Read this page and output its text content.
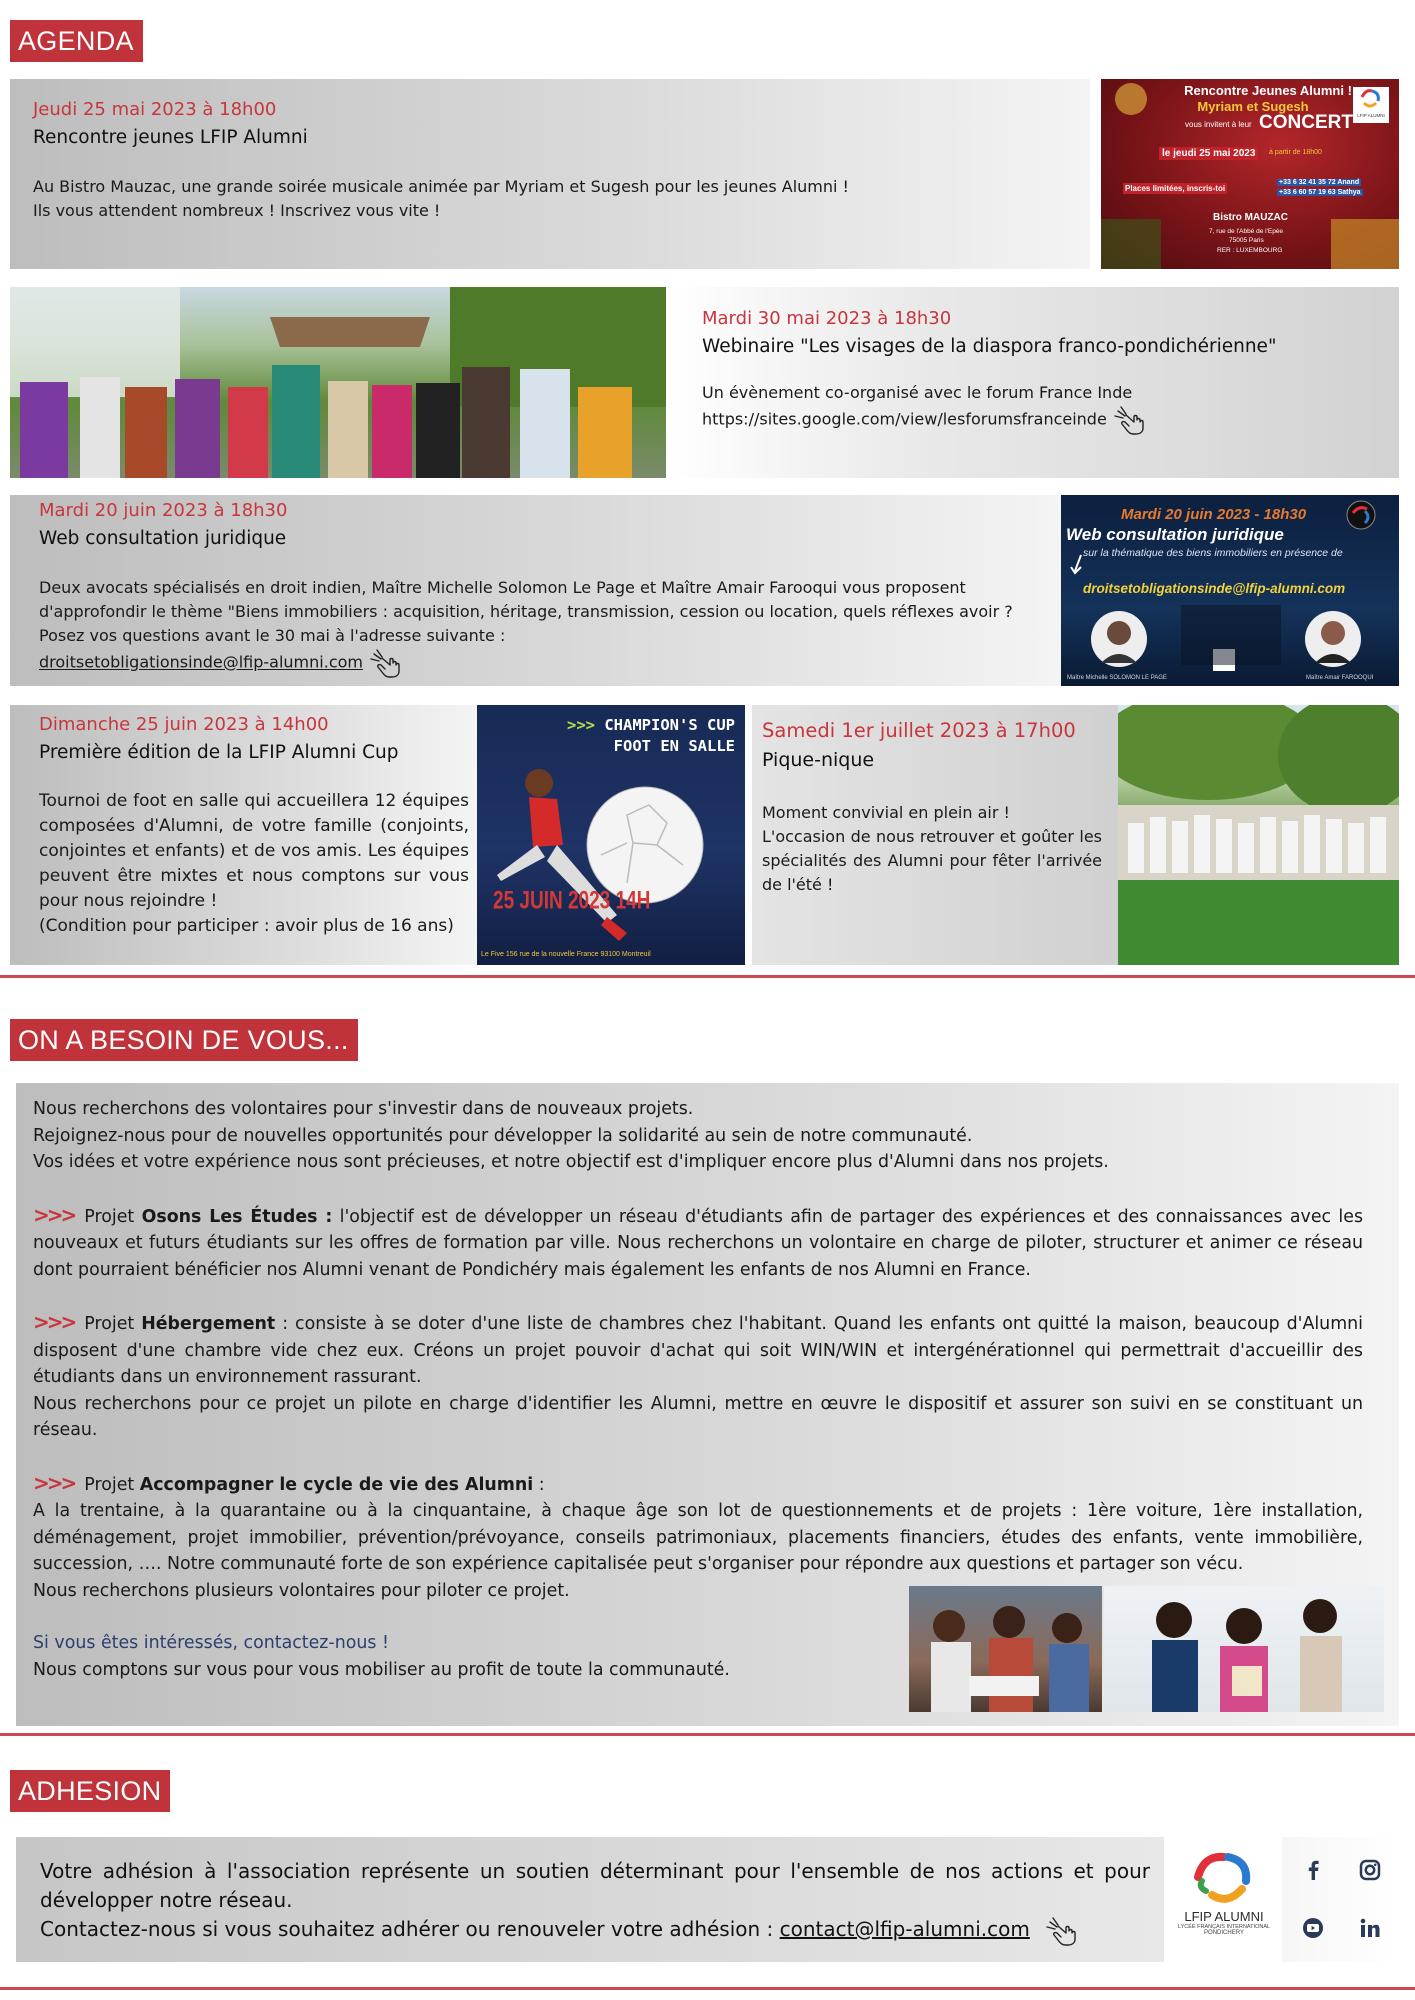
AGENDA
Jeudi 25 mai 2023 à 18h00
Rencontre jeunes LFIP Alumni
Au Bistro Mauzac, une grande soirée musicale animée par Myriam et Sugesh pour les jeunes Alumni !
Ils vous attendent nombreux ! Inscrivez vous vite !
Rencontre Jeunes Alumni !
Myriam et Sugesh
vous invitent à leur CONCERT
le jeudi 25 mai 2023	à partir de 18h00
Places limitées, inscris-toi
+33 6 32 41 35 72 Anand
+33 6 60 57 19 63 Sathya
Bistro MAUZAC
7, rue de l'Abbé de l'Epée
75005 Paris
RER : LUXEMBOURG
LFIP ALUMNI
Mardi 30 mai 2023 à 18h30
Webinaire "Les visages de la diaspora franco-pondichérienne"
Un évènement co-organisé avec le forum France Inde
https://sites.google.com/view/lesforumsfranceinde
Mardi 20 juin 2023 à 18h30
Web consultation juridique
Deux avocats spécialisés en droit indien, Maître Michelle Solomon Le Page et Maître Amair Farooqui vous proposent
d'approfondir le thème "Biens immobiliers : acquisition, héritage, transmission, cession ou location, quels réflexes avoir ?
Posez vos questions avant le 30 mai à l'adresse suivante :
droitsetobligationsinde@lfip-alumni.com
Mardi 20 juin 2023 - 18h30
Web consultation juridique
sur la thématique des biens immobiliers en présence de
droitsetobligationsinde@lfip-alumni.com
Maître Michelle SOLOMON LE PAGE	Maître Amair FAROOQUI
Dimanche 25 juin 2023 à 14h00
Première édition de la LFIP Alumni Cup
Tournoi de foot en salle qui accueillera 12 équipes composées d'Alumni, de votre famille (conjoints, conjointes et enfants) et de vos amis. Les équipes peuvent être mixtes et nous comptons sur vous pour nous rejoindre !
(Condition pour participer : avoir plus de 16 ans)
>>> CHAMPION'S CUP
FOOT EN SALLE
25 JUIN 2023 14H
Le Five 156 rue de la nouvelle France 93100 Montreuil
Samedi 1er juillet 2023 à 17h00
Pique-nique
Moment convivial en plein air !
L'occasion de nous retrouver et goûter les spécialités des Alumni pour fêter l'arrivée de l'été !
ON A BESOIN DE VOUS...
Nous recherchons des volontaires pour s'investir dans de nouveaux projets.
Rejoignez-nous pour de nouvelles opportunités pour développer la solidarité au sein de notre communauté.
Vos idées et votre expérience nous sont précieuses, et notre objectif est d'impliquer encore plus d'Alumni dans nos projets.
>>> Projet Osons Les Études : l'objectif est de développer un réseau d'étudiants afin de partager des expériences et des connaissances avec les nouveaux et futurs étudiants sur les offres de formation par ville. Nous recherchons un volontaire en charge de piloter, structurer et animer ce réseau dont pourraient bénéficier nos Alumni venant de Pondichéry mais également les enfants de nos Alumni en France.
>>> Projet Hébergement : consiste à se doter d'une liste de chambres chez l'habitant. Quand les enfants ont quitté la maison, beaucoup d'Alumni disposent d'une chambre vide chez eux. Créons un projet pouvoir d'achat qui soit WIN/WIN et intergénérationnel qui permettrait d'accueillir des étudiants dans un environnement rassurant.
Nous recherchons pour ce projet un pilote en charge d'identifier les Alumni, mettre en œuvre le dispositif et assurer son suivi en se constituant un réseau.
>>> Projet Accompagner le cycle de vie des Alumni :
A la trentaine, à la quarantaine ou à la cinquantaine, à chaque âge son lot de questionnements et de projets : 1ère voiture, 1ère installation, déménagement, projet immobilier, prévention/prévoyance, conseils patrimoniaux, placements financiers, études des enfants, vente immobilière, succession, …. Notre communauté forte de son expérience capitalisée peut s'organiser pour répondre aux questions et partager son vécu.
Nous recherchons plusieurs volontaires pour piloter ce projet.
Si vous êtes intéressés, contactez-nous !
Nous comptons sur vous pour vous mobiliser au profit de toute la communauté.
ADHESION
Votre adhésion à l'association représente un soutien déterminant pour l'ensemble de nos actions et pour développer notre réseau.
Contactez-nous si vous souhaitez adhérer ou renouveler votre adhésion : contact@lfip-alumni.com
LFIP ALUMNI
LYCÉE FRANÇAIS INTERNATIONAL
PONDICHERY
